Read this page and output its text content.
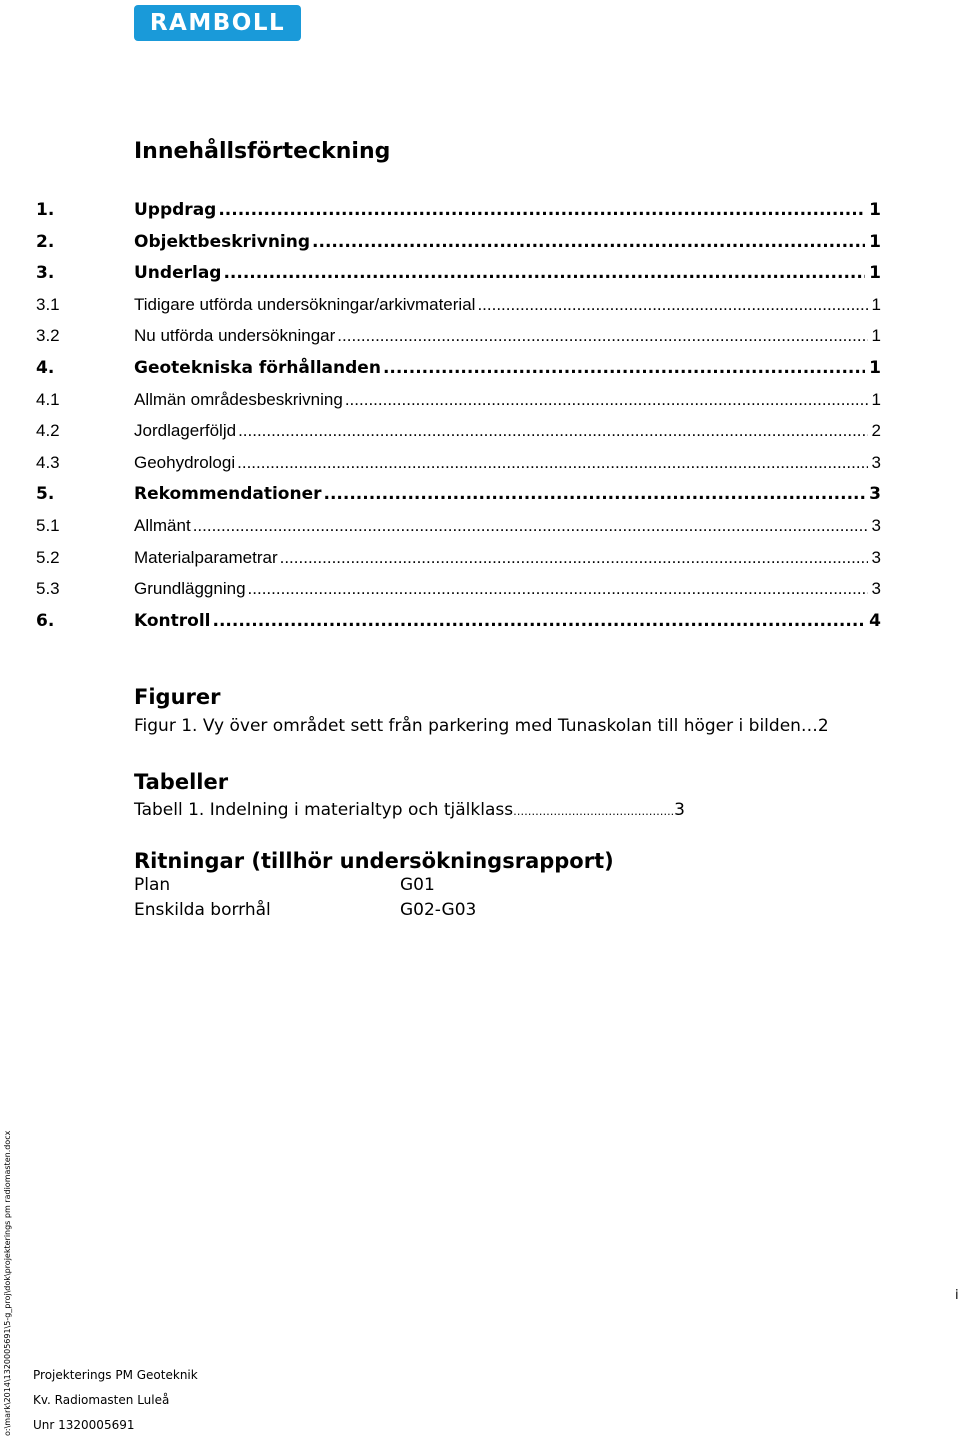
RAMBOLL
Innehållsförteckning
1.	Uppdrag .....	1
2.	Objektbeskrivning .....	1
3.	Underlag .....	1
3.1	Tidigare utförda undersökningar/arkivmaterial .....	1
3.2	Nu utförda undersökningar .....	1
4.	Geotekniska förhållanden .....	1
4.1	Allmän områdesbeskrivning .....	1
4.2	Jordlagerföljd .....	2
4.3	Geohydrologi .....	3
5.	Rekommendationer .....	3
5.1	Allmänt .....	3
5.2	Materialparametrar .....	3
5.3	Grundläggning .....	3
6.	Kontroll .....	4
Figurer
Figur 1. Vy över området sett från parkering med Tunaskolan till höger i bilden…2
Tabeller
Tabell 1. Indelning i materialtyp och tjälklass……………………………………..3
Ritningar (tillhör undersökningsrapport)
Plan	G01
Enskilda borrhål	G02-G03
o:\mark\2014\1320005691\5-g_proj\dok\projekterings pm radiomasten.docx	i
Projekterings PM Geoteknik
Kv. Radiomasten Luleå
Unr 1320005691
